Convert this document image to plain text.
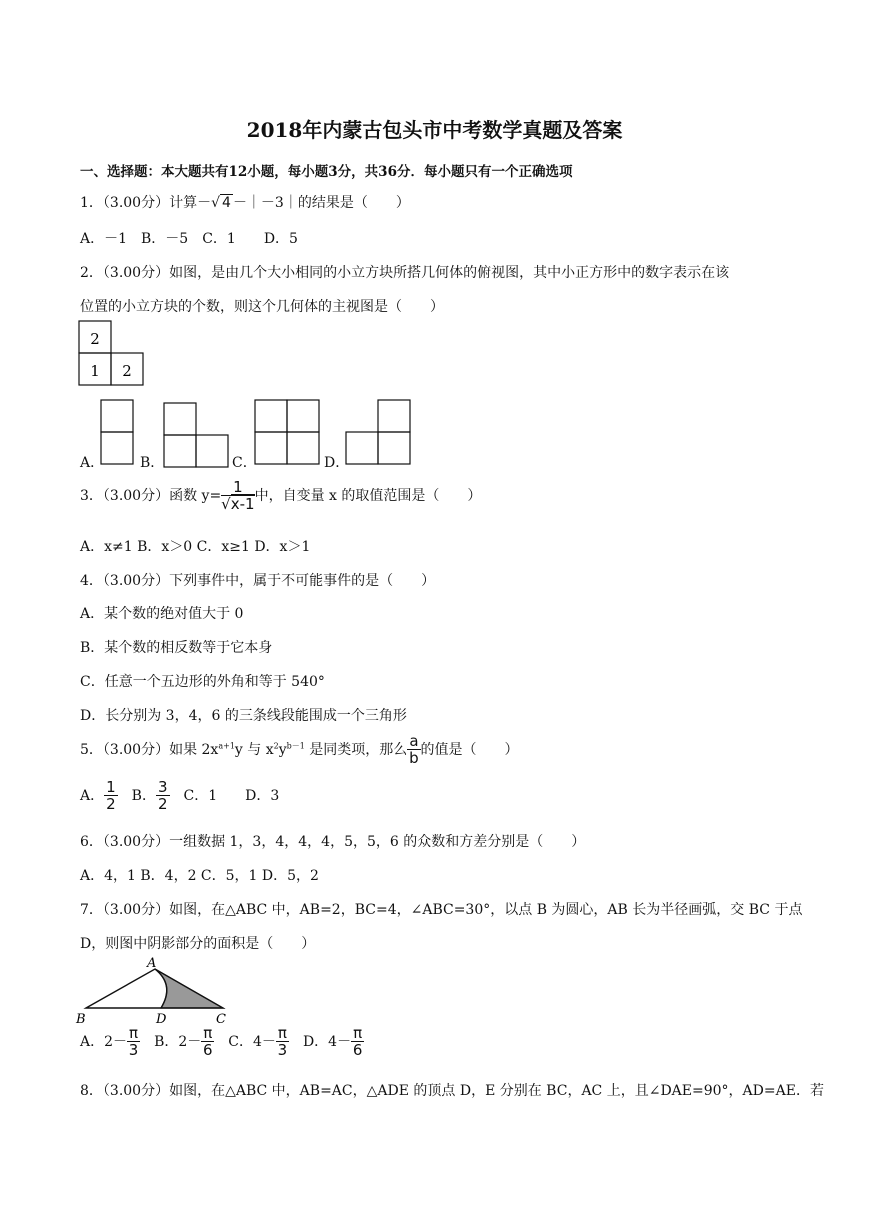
2018年内蒙古包头市中考数学真题及答案
一、选择题：本大题共有12小题，每小题3分，共36分．每小题只有一个正确选项
1．（3.00分）计算－√ 4 －｜－3｜的结果是（　　）
A．－1　B．－5　C．1　　D．5
2．（3.00分）如图，是由几个大小相同的小立方块所搭几何体的俯视图，其中小正方形中的数字表示在该
位置的小立方块的个数，则这个几何体的主视图是（　　）
2
1 2
A．	B．	C．	D．
3．（3.00分）函数 $y= \frac{1}{√x-1}$ 中，自变量 x 的取值范围是（　　）
A．x≠1 B．x＞0 C．x≥1 D．x＞1
4．（3.00分）下列事件中，属于不可能事件的是（　　）
A．某个数的绝对值大于 0
B．某个数的相反数等于它本身
C．任意一个五边形的外角和等于 540°
D．长分别为 3，4，6 的三条线段能围成一个三角形
5．（3.00分）如果 $2x^{a+1}y$ 与 $x^2y^{b-1}$ 是同类项，那么 $\frac{a}{b}$ 的值是（　　）
A． $\frac{1}{2}$
　 B． $\frac{3}{2}$
　 C．1　　D．3
6．（3.00分）一组数据 1，3，4，4，4，5，5，6 的众数和方差分别是（　　）
A．4，1 B．4，2 C．5，1 D．5，2
7．（3.00分）如图，在△ABC 中，AB=2，BC=4，∠ABC=30°，以点 B 为圆心，AB 长为半径画弧，交 BC 于点
D，则图中阴影部分的面积是（　　）
A
B	D	C
A．$2- \frac{\pi}{3}$
　 B．$2- \frac{\pi}{6}$
　 C．$4- \frac{\pi}{3}$
　 D．$4- \frac{\pi}{6}$
8．（3.00分）如图，在△ABC 中，AB=AC，△ADE 的顶点 D，E 分别在 BC，AC 上，且∠DAE=90°，AD=AE．若
